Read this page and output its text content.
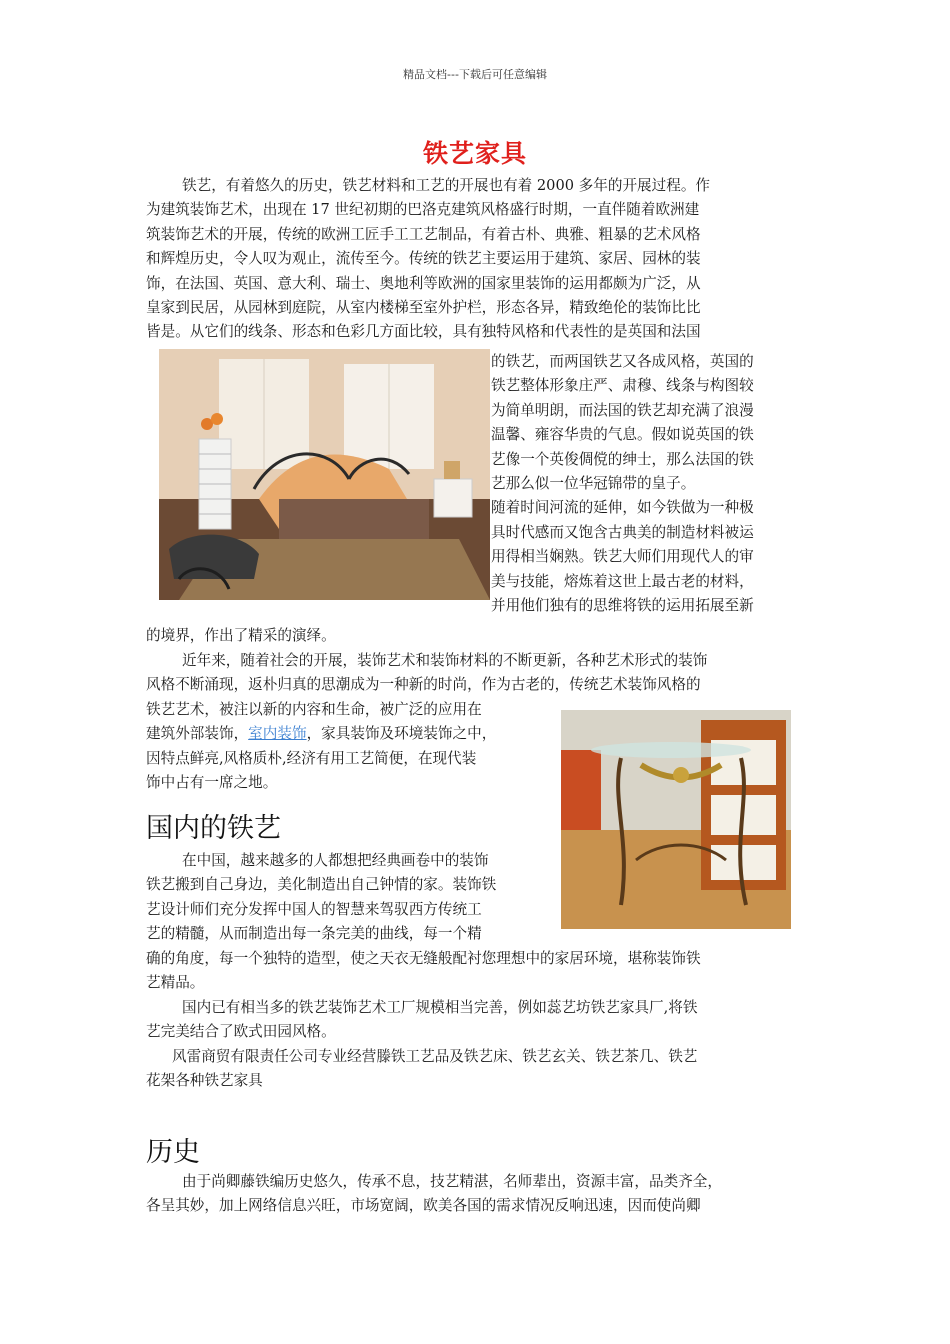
精品文档---下载后可任意编辑
铁艺家具
铁艺，有着悠久的历史，铁艺材料和工艺的开展也有着 2000 多年的开展过程。作
为建筑装饰艺术，出现在 17 世纪初期的巴洛克建筑风格盛行时期，一直伴随着欧洲建
筑装饰艺术的开展，传统的欧洲工匠手工工艺制品，有着古朴、典雅、粗暴的艺术风格
和辉煌历史，令人叹为观止，流传至今。传统的铁艺主要运用于建筑、家居、园林的装
饰，在法国、英国、意大利、瑞士、奥地利等欧洲的国家里装饰的运用都颇为广泛，从
皇家到民居，从园林到庭院，从室内楼梯至室外护栏，形态各异，精致绝伦的装饰比比
皆是。从它们的线条、形态和色彩几方面比较，具有独特风格和代表性的是英国和法国
的铁艺，而两国铁艺又各成风格，英国的
铁艺整体形象庄严、肃穆、线条与构图较
为简单明朗，而法国的铁艺却充满了浪漫
温馨、雍容华贵的气息。假如说英国的铁
艺像一个英俊倜傥的绅士，那么法国的铁
艺那么似一位华冠锦带的皇子。
随着时间河流的延伸，如今铁做为一种极
具时代感而又饱含古典美的制造材料被运
用得相当娴熟。铁艺大师们用现代人的审
美与技能，熔炼着这世上最古老的材料，
并用他们独有的思维将铁的运用拓展至新
的境界，作出了精采的演绎。
近年来，随着社会的开展，装饰艺术和装饰材料的不断更新，各种艺术形式的装饰
风格不断涌现，返朴归真的思潮成为一种新的时尚，作为古老的，传统艺术装饰风格的
铁艺艺术，被注以新的内容和生命，被广泛的应用在
建筑外部装饰，室内装饰，家具装饰及环境装饰之中，
因特点鲜亮,风格质朴,经济有用工艺简便，在现代装
饰中占有一席之地。
国内的铁艺
在中国，越来越多的人都想把经典画卷中的装饰
铁艺搬到自己身边，美化制造出自己钟情的家。装饰铁
艺设计师们充分发挥中国人的智慧来驾驭西方传统工
艺的精髓，从而制造出每一条完美的曲线，每一个精
确的角度，每一个独特的造型，使之天衣无缝般配衬您理想中的家居环境，堪称装饰铁
艺精品。
国内已有相当多的铁艺装饰艺术工厂规模相当完善，例如蕊艺坊铁艺家具厂,将铁
艺完美结合了欧式田园风格。
风雷商贸有限责任公司专业经营滕铁工艺品及铁艺床、铁艺玄关、铁艺茶几、铁艺
花架各种铁艺家具
历史
由于尚卿藤铁编历史悠久，传承不息，技艺精湛，名师辈出，资源丰富，品类齐全，
各呈其妙，加上网络信息兴旺，市场宽阔，欧美各国的需求情况反响迅速，因而使尚卿
